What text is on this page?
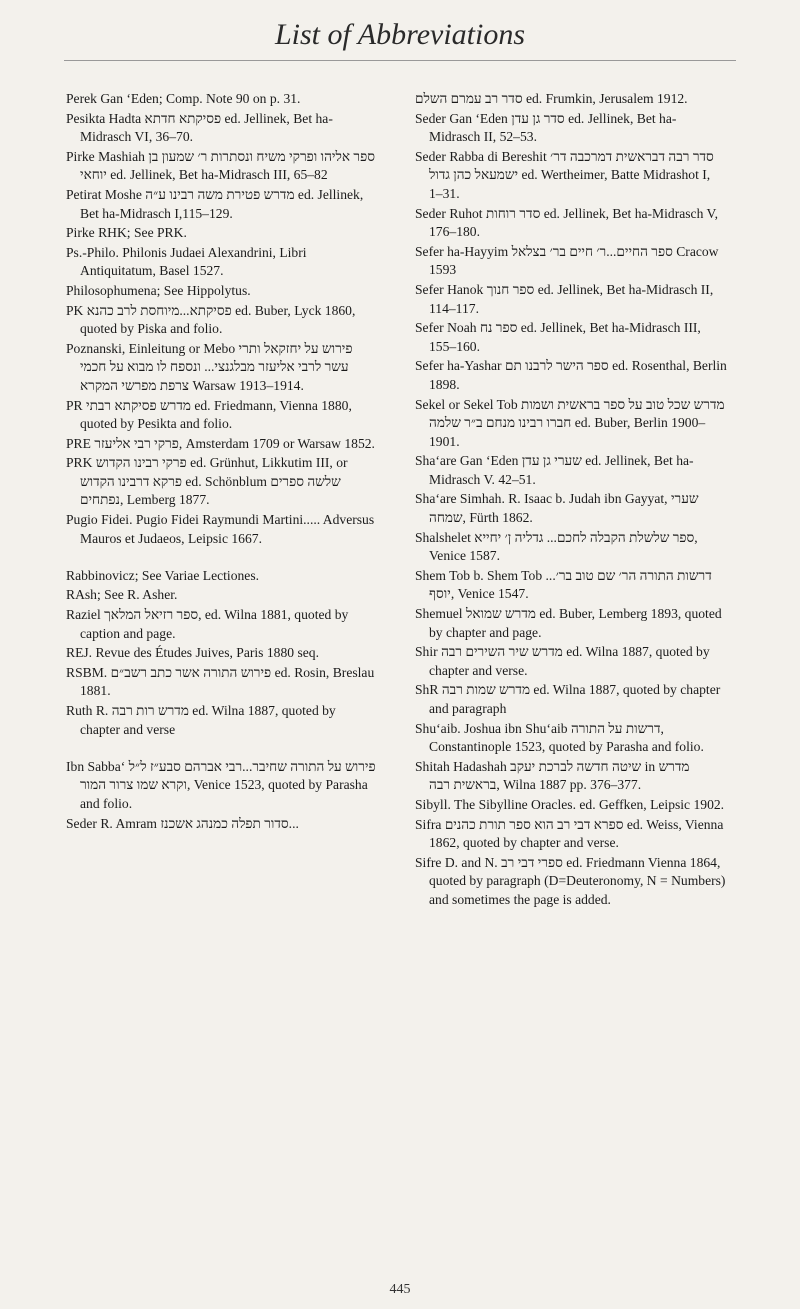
List of Abbreviations

Perek Gan ‘Eden; Comp. Note 90 on p. 31.

Pesikta Hadta פסיקתא חדתא ed. Jellinek, Bet ha-Midrasch VI, 36–70.

Pirke Mashiah ספר אליהו ופרקי משיח ונסתרות ר׳ שמעון בן יוחאי ed. Jellinek, Bet ha-Midrasch III, 65–82

Petirat Moshe מדרש פטירת משה רבינו ע״ה ed. Jellinek, Bet ha-Midrasch I,115–129.

Pirke RHK; See PRK.

Ps.-Philo. Philonis Judaei Alexandrini, Libri Antiquitatum, Basel 1527.

Philosophumena; See Hippolytus.

PK פסיקתא...מיוחסת לרב כהנא ed. Buber, Lyck 1860, quoted by Piska and folio.

Poznanski, Einleitung or Mebo פירוש על יחזקאל ותרי עשר לרבי אליעזר מבלגנצי... ונספח לו מבוא על חכמי צרפת מפרשי המקרא Warsaw 1913–1914.

PR מדרש פסיקתא רבתי ed. Friedmann, Vienna 1880, quoted by Pesikta and folio.

PRE פרקי רבי אליעזר, Amsterdam 1709 or Warsaw 1852.

PRK פרקי רבינו הקדוש ed. Grünhut, Likkutim III, or פרקא דרבינו הקדוש ed. Schönblum שלשה ספרים נפתחים, Lemberg 1877.

Pugio Fidei. Pugio Fidei Raymundi Martini..... Adversus Mauros et Judaeos, Leipsic 1667.

Rabbinovicz; See Variae Lectiones.

RAsh; See R. Asher.

Raziel ספר רזיאל המלאך, ed. Wilna 1881, quoted by caption and page.

REJ. Revue des Études Juives, Paris 1880 seq.

RSBM. פירוש התורה אשר כתב רשב״ם ed. Rosin, Breslau 1881.

Ruth R. מדרש רות רבה ed. Wilna 1887, quoted by chapter and verse

Ibn Sabba‘ פירוש על התורה שחיבר...רבי אברהם סבע״ז ל״ל וקרא שמו צרור המור, Venice 1523, quoted by Parasha and folio.

Seder R. Amram סדור תפלה כמנהג אשכנז...

סדר רב עמרם השלם ed. Frumkin, Jerusalem 1912.

Seder Gan ‘Eden סדר גן עדן ed. Jellinek, Bet ha-Midrasch II, 52–53.

Seder Rabba di Bereshit סדר רבה דבראשית דמרכבה דר׳ ישמעאל כהן גדול ed. Wertheimer, Batte Midrashot I, 1–31.

Seder Ruhot סדר רוחות ed. Jellinek, Bet ha-Midrasch V, 176–180.

Sefer ha-Hayyim ספר החיים...ר׳ חיים בר׳ בצלאל Cracow 1593

Sefer Hanok ספר חנוך ed. Jellinek, Bet ha-Midrasch II, 114–117.

Sefer Noah ספר נח ed. Jellinek, Bet ha-Midrasch III, 155–160.

Sefer ha-Yashar ספר הישר לרבנו תם ed. Rosenthal, Berlin 1898.

Sekel or Sekel Tob מדרש שכל טוב על ספר בראשית ושמות חברו רבינו מנחם ב״ר שלמה ed. Buber, Berlin 1900–1901.

Sha‘are Gan ‘Eden שערי גן עדן ed. Jellinek, Bet ha-Midrasch V. 42–51.

Sha‘are Simhah. R. Isaac b. Judah ibn Gayyat, שערי שמחה, Fürth 1862.

Shalshelet ספר שלשלת הקבלה לחכם... גדליה ן׳ יחייא, Venice 1587.

Shem Tob b. Shem Tob ...דרשות התורה הר׳ שם טוב בר׳ יוסף, Venice 1547.

Shemuel מדרש שמואל ed. Buber, Lemberg 1893, quoted by chapter and page.

Shir מדרש שיר השירים רבה ed. Wilna 1887, quoted by chapter and verse.

ShR מדרש שמות רבה ed. Wilna 1887, quoted by chapter and paragraph

Shu‘aib. Joshua ibn Shu‘aib דרשות על התורה, Constantinople 1523, quoted by Parasha and folio.

Shitah Hadashah שיטה חדשה לברכת יעקב in מדרש בראשית רבה, Wilna 1887 pp. 376–377.

Sibyll. The Sibylline Oracles. ed. Geffken, Leipsic 1902.

Sifra ספרא דבי רב הוא ספר תורת כהנים ed. Weiss, Vienna 1862, quoted by chapter and verse.

Sifre D. and N. ספרי דבי רב ed. Friedmann Vienna 1864, quoted by paragraph (D=Deuteronomy, N = Numbers) and sometimes the page is added.

445
